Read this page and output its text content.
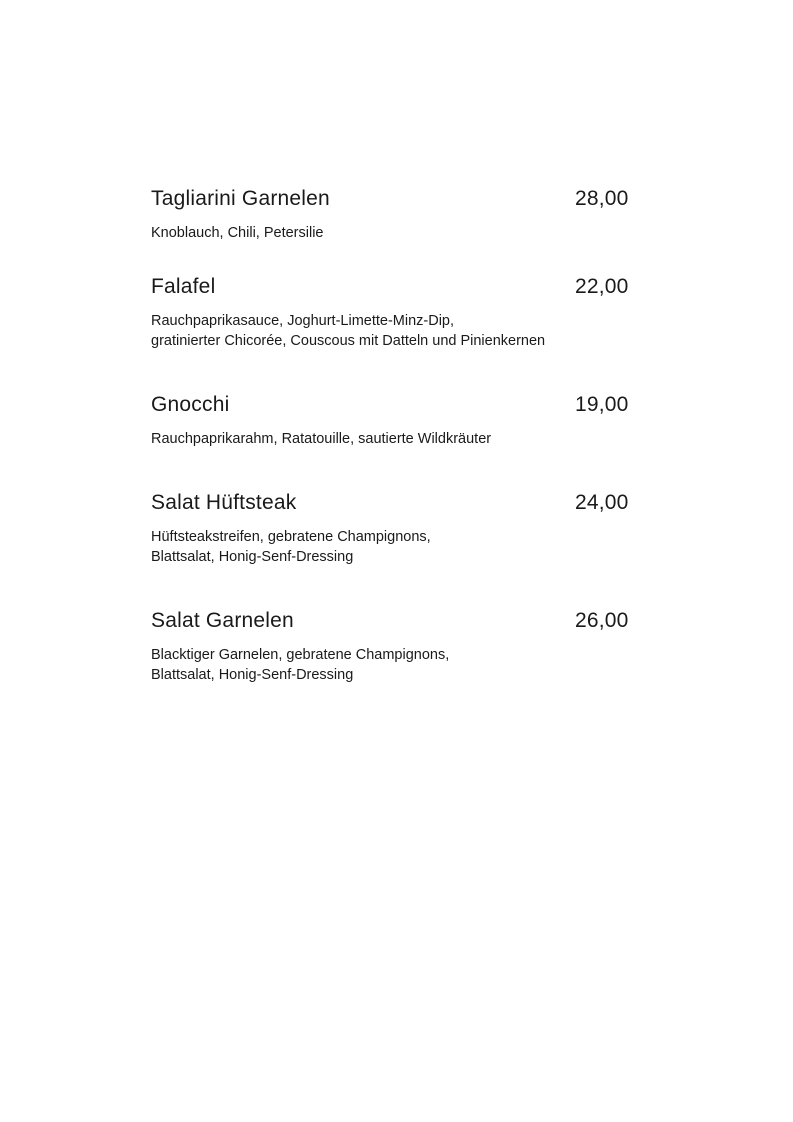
Tagliarini Garnelen	28,00
Knoblauch, Chili, Petersilie
Falafel	22,00
Rauchpaprikasauce, Joghurt-Limette-Minz-Dip,
gratinierter Chicorée, Couscous mit Datteln und Pinienkernen
Gnocchi	19,00
Rauchpaprikarahm, Ratatouille, sautierte Wildkräuter
Salat Hüftsteak	24,00
Hüftsteakstreifen, gebratene Champignons,
Blattsalat, Honig-Senf-Dressing
Salat Garnelen	26,00
Blacktiger Garnelen, gebratene Champignons,
Blattsalat, Honig-Senf-Dressing
